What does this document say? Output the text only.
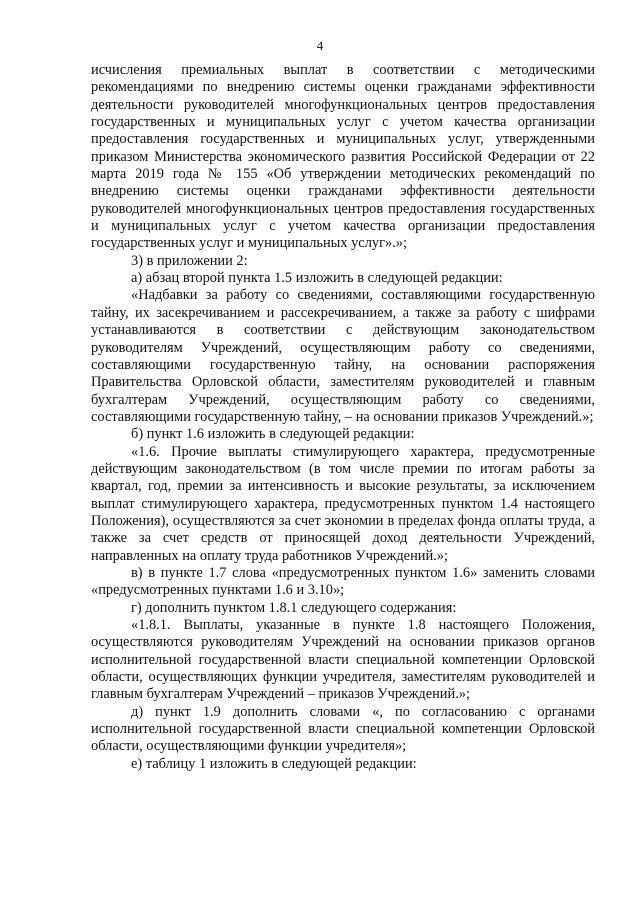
4

исчисления премиальных выплат в соответствии с методическими рекомендациями по внедрению системы оценки гражданами эффективности деятельности руководителей многофункциональных центров предоставления государственных и муниципальных услуг с учетом качества организации предоставления государственных и муниципальных услуг, утвержденными приказом Министерства экономического развития Российской Федерации от 22 марта 2019 года № 155 «Об утверждении методических рекомендаций по внедрению системы оценки гражданами эффективности деятельности руководителей многофункциональных центров предоставления государственных и муниципальных услуг с учетом качества организации предоставления государственных услуг и муниципальных услуг».»;

3) в приложении 2:

а) абзац второй пункта 1.5 изложить в следующей редакции:

«Надбавки за работу со сведениями, составляющими государственную тайну, их засекречиванием и рассекречиванием, а также за работу с шифрами устанавливаются в соответствии с действующим законодательством руководителям Учреждений, осуществляющим работу со сведениями, составляющими государственную тайну, на основании распоряжения Правительства Орловской области, заместителям руководителей и главным бухгалтерам Учреждений, осуществляющим работу со сведениями, составляющими государственную тайну, – на основании приказов Учреждений.»;

б) пункт 1.6 изложить в следующей редакции:

«1.6. Прочие выплаты стимулирующего характера, предусмотренные действующим законодательством (в том числе премии по итогам работы за квартал, год, премии за интенсивность и высокие результаты, за исключением выплат стимулирующего характера, предусмотренных пунктом 1.4 настоящего Положения), осуществляются за счет экономии в пределах фонда оплаты труда, а также за счет средств от приносящей доход деятельности Учреждений, направленных на оплату труда работников Учреждений.»;

в) в пункте 1.7 слова «предусмотренных пунктом 1.6» заменить словами «предусмотренных пунктами 1.6 и 3.10»;

г) дополнить пунктом 1.8.1 следующего содержания:

«1.8.1. Выплаты, указанные в пункте 1.8 настоящего Положения, осуществляются руководителям Учреждений на основании приказов органов исполнительной государственной власти специальной компетенции Орловской области, осуществляющих функции учредителя, заместителям руководителей и главным бухгалтерам Учреждений – приказов Учреждений.»;

д) пункт 1.9 дополнить словами «, по согласованию с органами исполнительной государственной власти специальной компетенции Орловской области, осуществляющими функции учредителя»;

е) таблицу 1 изложить в следующей редакции:
